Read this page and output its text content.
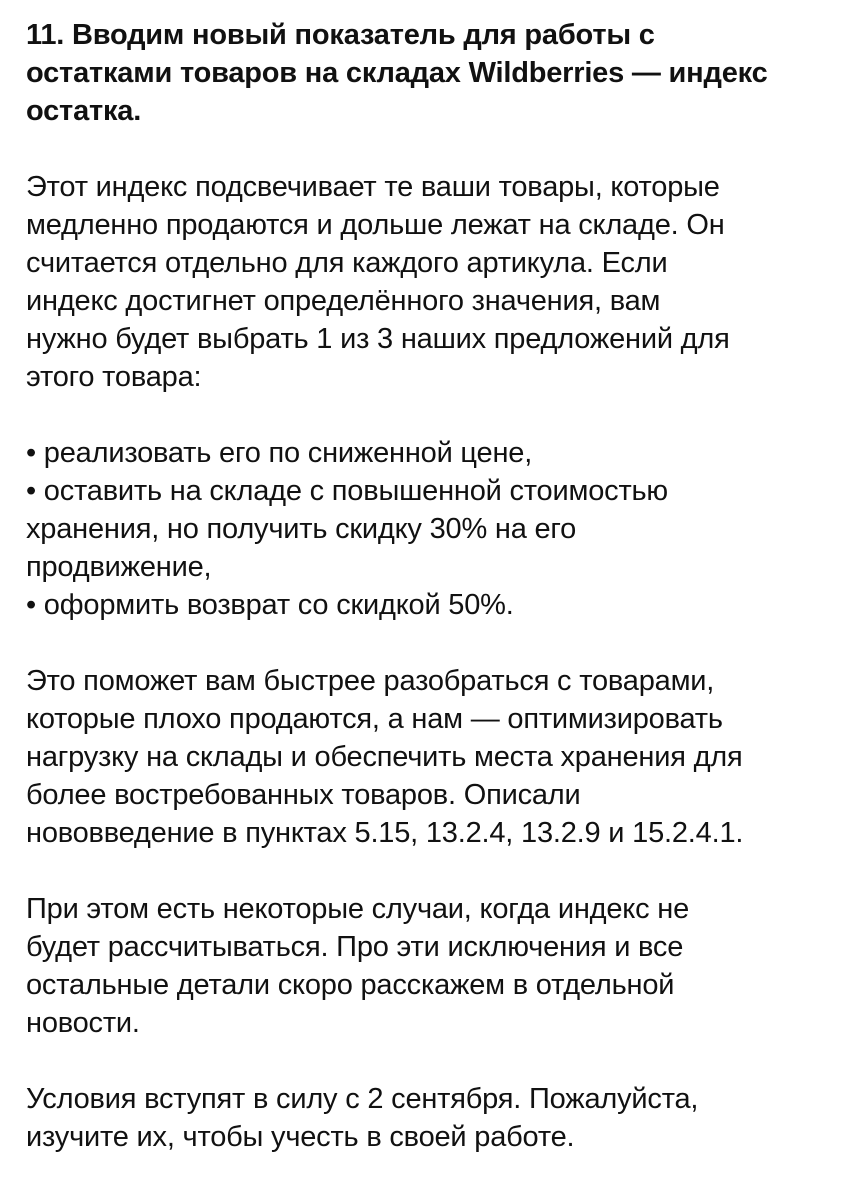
11. Вводим новый показатель для работы с
остатками товаров на складах Wildberries — индекс
остатка.
Этот индекс подсвечивает те ваши товары, которые
медленно продаются и дольше лежат на складе. Он
считается отдельно для каждого артикула. Если
индекс достигнет определённого значения, вам
нужно будет выбрать 1 из 3 наших предложений для
этого товара:
• реализовать его по сниженной цене,
• оставить на складе с повышенной стоимостью
хранения, но получить скидку 30% на его
продвижение,
• оформить возврат со скидкой 50%.
Это поможет вам быстрее разобраться с товарами,
которые плохо продаются, а нам — оптимизировать
нагрузку на склады и обеспечить места хранения для
более востребованных товаров. Описали
нововведение в пунктах 5.15, 13.2.4, 13.2.9 и 15.2.4.1.
При этом есть некоторые случаи, когда индекс не
будет рассчитываться. Про эти исключения и все
остальные детали скоро расскажем в отдельной
новости.
Условия вступят в силу с 2 сентября. Пожалуйста,
изучите их, чтобы учесть в своей работе.
